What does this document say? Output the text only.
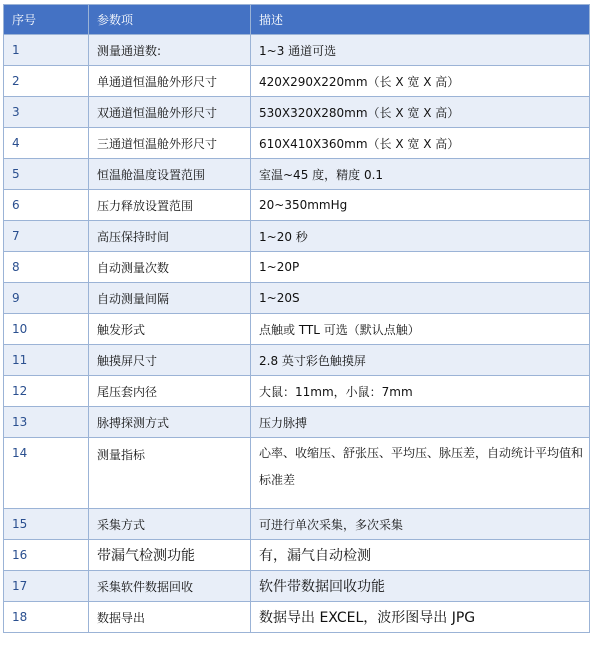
序号	参数项	描述
1	测量通道数:	1~3 通道可选
2	单通道恒温舱外形尺寸	420X290X220mm（长 X 宽 X 高）
3	双通道恒温舱外形尺寸	530X320X280mm（长 X 宽 X 高）
4	三通道恒温舱外形尺寸	610X410X360mm（长 X 宽 X 高）
5	恒温舱温度设置范围	室温~45 度，精度 0.1
6	压力释放设置范围	20~350mmHg
7	高压保持时间	1~20 秒
8	自动测量次数	1~20P
9	自动测量间隔	1~20S
10	触发形式	点触或 TTL 可选（默认点触）
11	触摸屏尺寸	2.8 英寸彩色触摸屏
12	尾压套内径	大鼠：11mm，小鼠：7mm
13	脉搏探测方式	压力脉搏
14	测量指标	心率、收缩压、舒张压、平均压、脉压差，自动统计平均值和标准差
15	采集方式	可进行单次采集，多次采集
16	带漏气检测功能	有，漏气自动检测
17	采集软件数据回收	软件带数据回收功能
18	数据导出	数据导出 EXCEL，波形图导出 JPG
